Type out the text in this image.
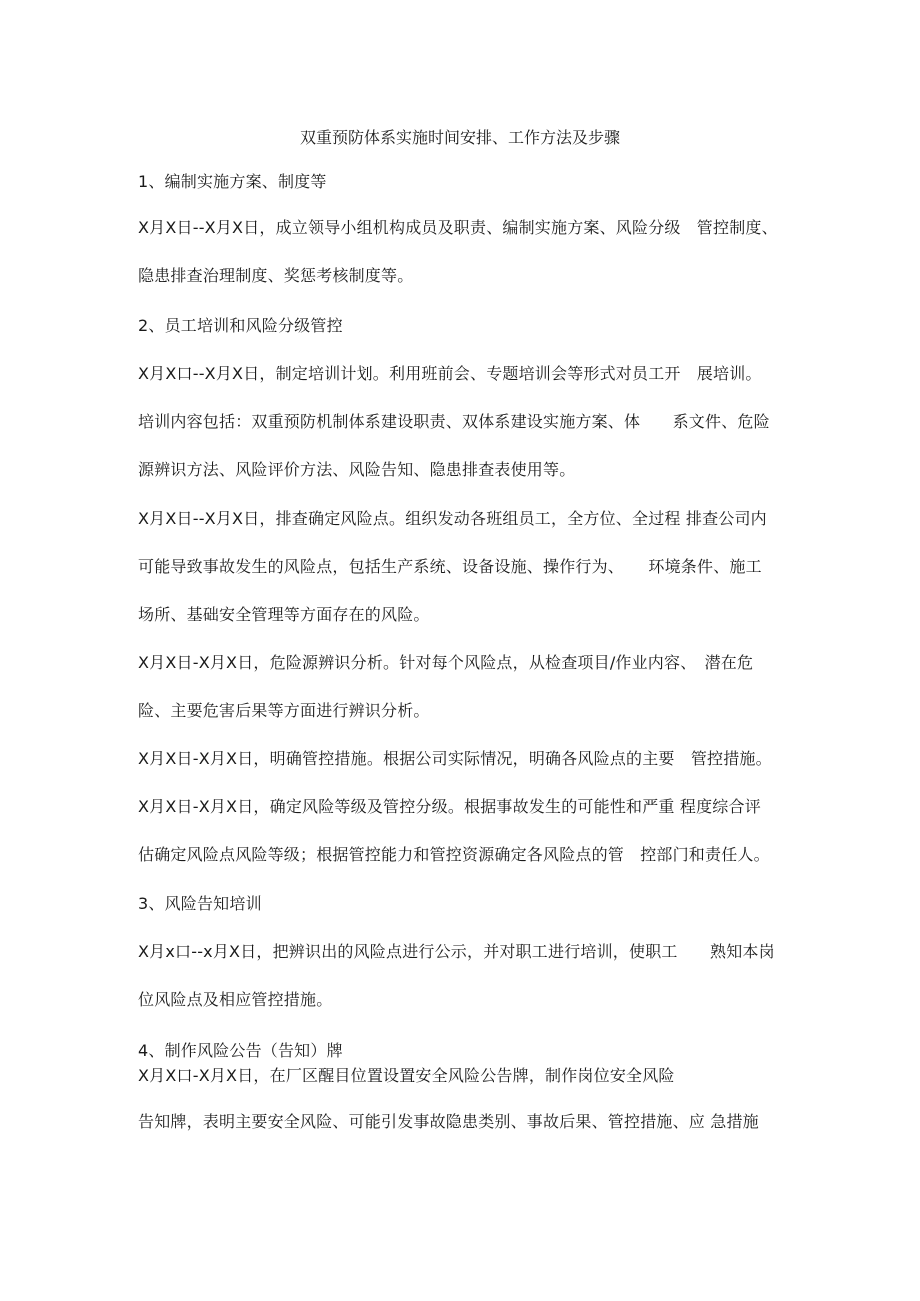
双重预防体系实施时间安排、工作方法及步骤
1、编制实施方案、制度等
X月X日--X月X日，成立领导小组机构成员及职责、编制实施方案、风险分级　管控制度、
隐患排查治理制度、奖惩考核制度等。
2、员工培训和风险分级管控
X月X口--X月X日，制定培训计划。利用班前会、专题培训会等形式对员工开　展培训。
培训内容包括：双重预防机制体系建设职责、双体系建设实施方案、体　　系文件、危险
源辨识方法、风险评价方法、风险告知、隐患排查表使用等。
X月X日--X月X日，排查确定风险点。组织发动各班组员工，全方位、全过程 排查公司内
可能导致事故发生的风险点，包括生产系统、设备设施、操作行为、　　环境条件、施工
场所、基础安全管理等方面存在的风险。
X月X日-X月X日，危险源辨识分析。针对每个风险点，从检查项目/作业内容、　潜在危
险、主要危害后果等方面进行辨识分析。
X月X日-X月X日，明确管控措施。根据公司实际情况，明确各风险点的主要　管控措施。
X月X日-X月X日，确定风险等级及管控分级。根据事故发生的可能性和严重 程度综合评
估确定风险点风险等级；根据管控能力和管控资源确定各风险点的管　控部门和责任人。
3、风险告知培训
X月x口--x月X日，把辨识出的风险点进行公示，并对职工进行培训，使职工　　熟知本岗
位风险点及相应管控措施。
4、制作风险公告（告知）牌
X月X口-X月X日，在厂区醒目位置设置安全风险公告牌，制作岗位安全风险
告知牌，表明主要安全风险、可能引发事故隐患类别、事故后果、管控措施、应 急措施
